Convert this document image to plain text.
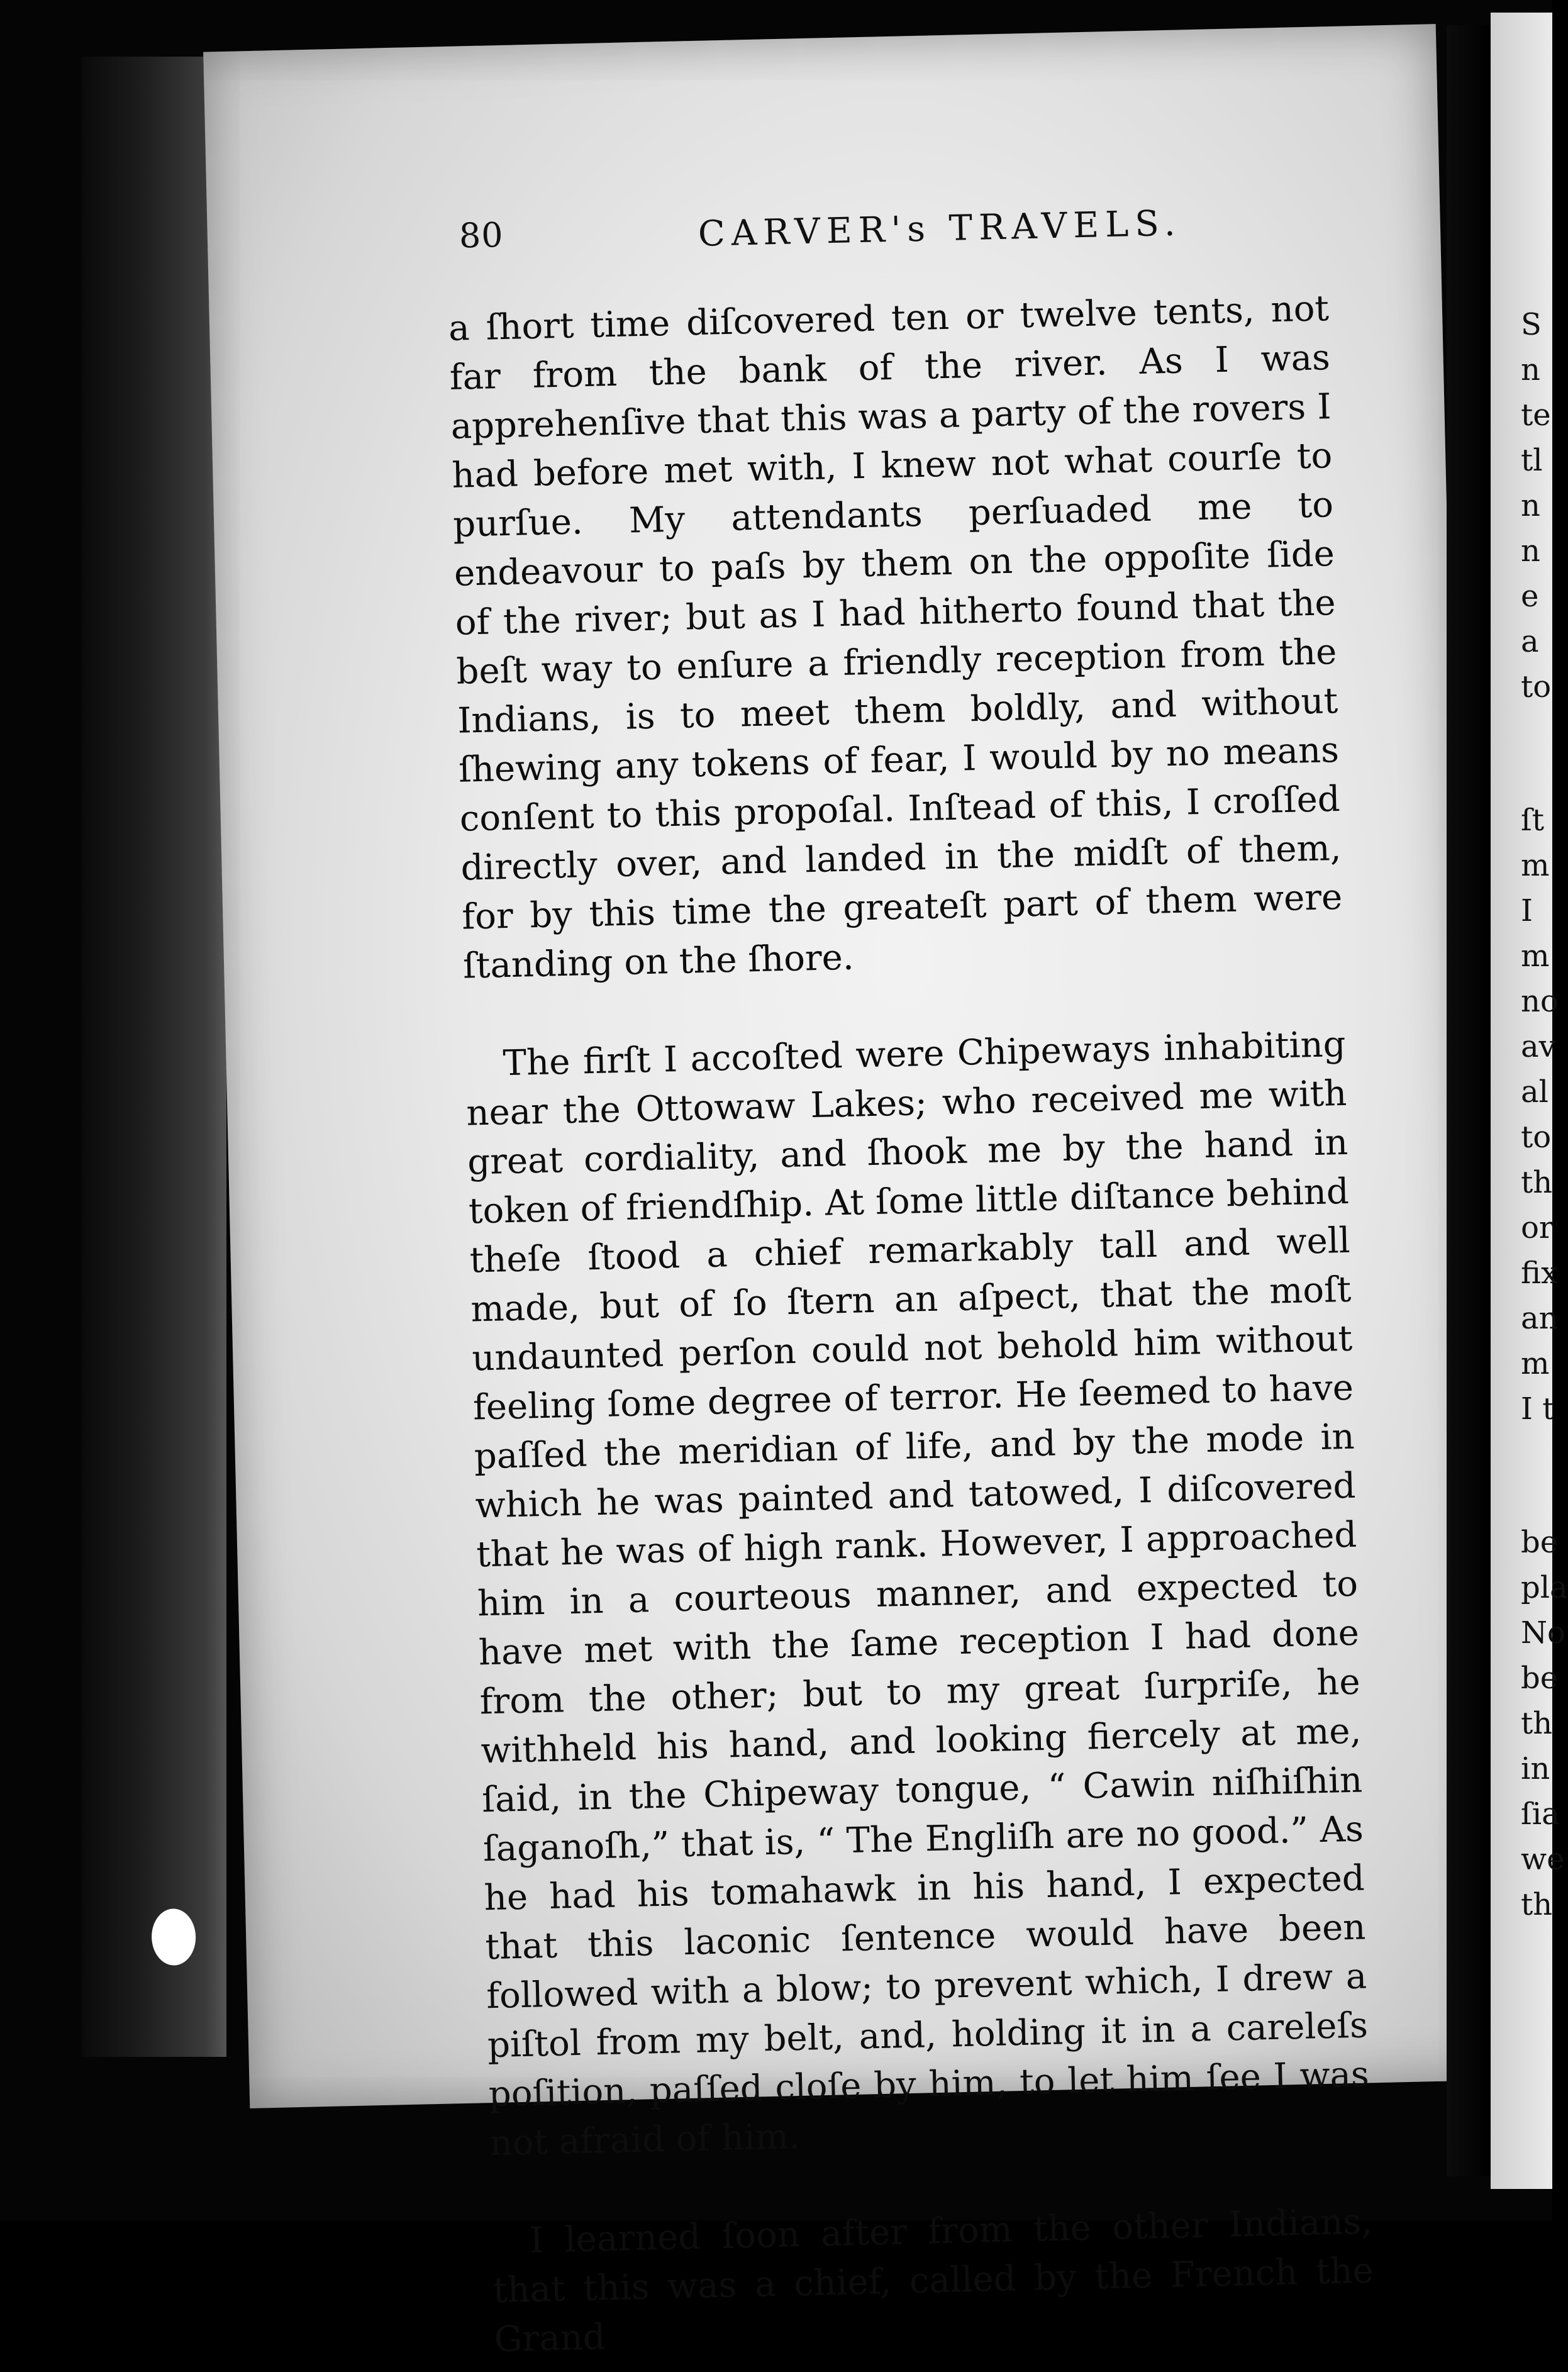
80	CARVER's TRAVELS.

a ſhort time diſcovered ten or twelve tents, not far from the bank of the river. As I was apprehenſive that this was a party of the rovers I had before met with, I knew not what courſe to purſue. My attendants perſuaded me to endeavour to paſs by them on the oppoſite ſide of the river; but as I had hitherto found that the beſt way to enſure a friendly reception from the Indians, is to meet them boldly, and without ſhewing any tokens of fear, I would by no means conſent to this propoſal. Inſtead of this, I croſſed directly over, and landed in the midſt of them, for by this time the greateſt part of them were ſtanding on the ſhore.

The firſt I accoſted were Chipeways inhabiting near the Ottowaw Lakes; who received me with great cordiality, and ſhook me by the hand in token of friendſhip. At ſome little diſtance behind theſe ſtood a chief remarkably tall and well made, but of ſo ſtern an aſpect, that the moſt undaunted perſon could not behold him without feeling ſome degree of terror. He ſeemed to have paſſed the meridian of life, and by the mode in which he was painted and tatowed, I diſcovered that he was of high rank. However, I approached him in a courteous manner, and expected to have met with the ſame reception I had done from the other; but to my great ſurpriſe, he withheld his hand, and looking fiercely at me, ſaid, in the Chipeway tongue, “ Cawin niſhiſhin ſaganoſh,” that is, “ The Engliſh are no good.” As he had his tomahawk in his hand, I expected that this laconic ſentence would have been followed with a blow; to prevent which, I drew a piſtol from my belt, and, holding it in a careleſs poſition, paſſed cloſe by him, to let him ſee I was not afraid of him.

I learned ſoon after from the other Indians, that this was a chief, called by the French the Grand

S
n
te
tl
n
n
e
a
to
ſt
m
I
m
no
av
al
to
th
or
fix
an
m
I t
be
pla
No
be
th
in
ſia
we
th
